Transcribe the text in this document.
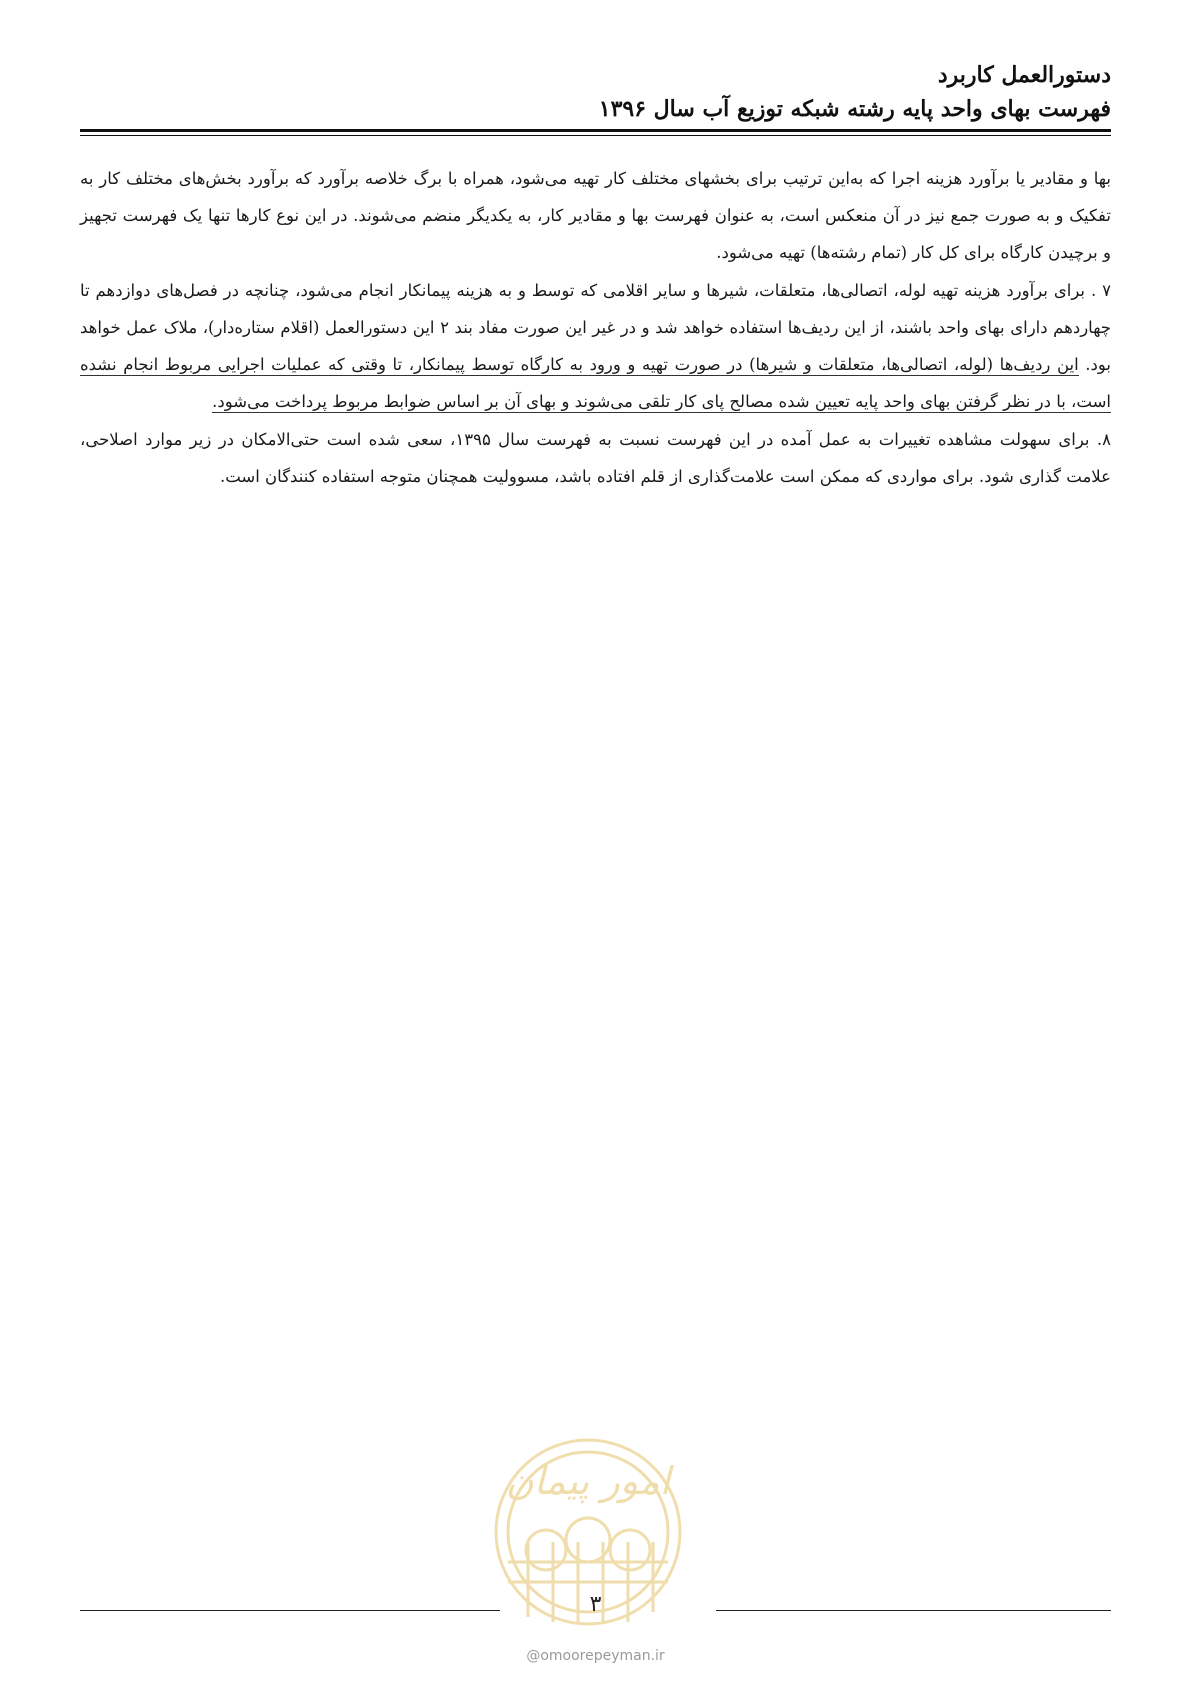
دستورالعمل کاربرد
فهرست بهای واحد پایه رشته شبکه توزیع آب سال ۱۳۹۶

بها و مقادیر یا برآورد هزینه اجرا که به‌این ترتیب برای بخشهای مختلف کار تهیه می‌شود، همراه با برگ خلاصه برآورد که برآورد بخش‌های مختلف کار به تفکیک و به صورت جمع نیز در آن منعکس است، به عنوان فهرست بها و مقادیر کار، به یکدیگر منضم می‌شوند. در این نوع کارها تنها یک فهرست تجهیز و برچیدن کارگاه برای کل کار (تمام رشته‌ها) تهیه می‌شود.

۷ . برای برآورد هزینه تهیه لوله، اتصالی‌ها، متعلقات، شیرها و سایر اقلامی که توسط و به هزینه پیمانکار انجام می‌شود، چنانچه در فصل‌های دوازدهم تا چهاردهم دارای بهای واحد باشند، از این ردیف‌ها استفاده خواهد شد و در غیر این صورت مفاد بند ۲ این دستورالعمل (اقلام ستاره‌دار)، ملاک عمل خواهد بود. این ردیف‌ها (لوله، اتصالی‌ها، متعلقات و شیرها) در صورت تهیه و ورود به کارگاه توسط پیمانکار، تا وقتی که عملیات اجرایی مربوط انجام نشده است، با در نظر گرفتن بهای واحد پایه تعیین شده مصالح پای کار تلقی می‌شوند و بهای آن بر اساس ضوابط مربوط پرداخت می‌شود.

۸. برای سهولت مشاهده تغییرات به عمل آمده در این فهرست نسبت به فهرست سال ۱۳۹۵، سعی شده است حتی‌الامکان در زیر موارد اصلاحی، علامت گذاری شود. برای مواردی که ممکن است علامت‌گذاری از قلم افتاده باشد، مسوولیت همچنان متوجه استفاده کنندگان است.

امور پیمان
۳
@omoorepeyman.ir
